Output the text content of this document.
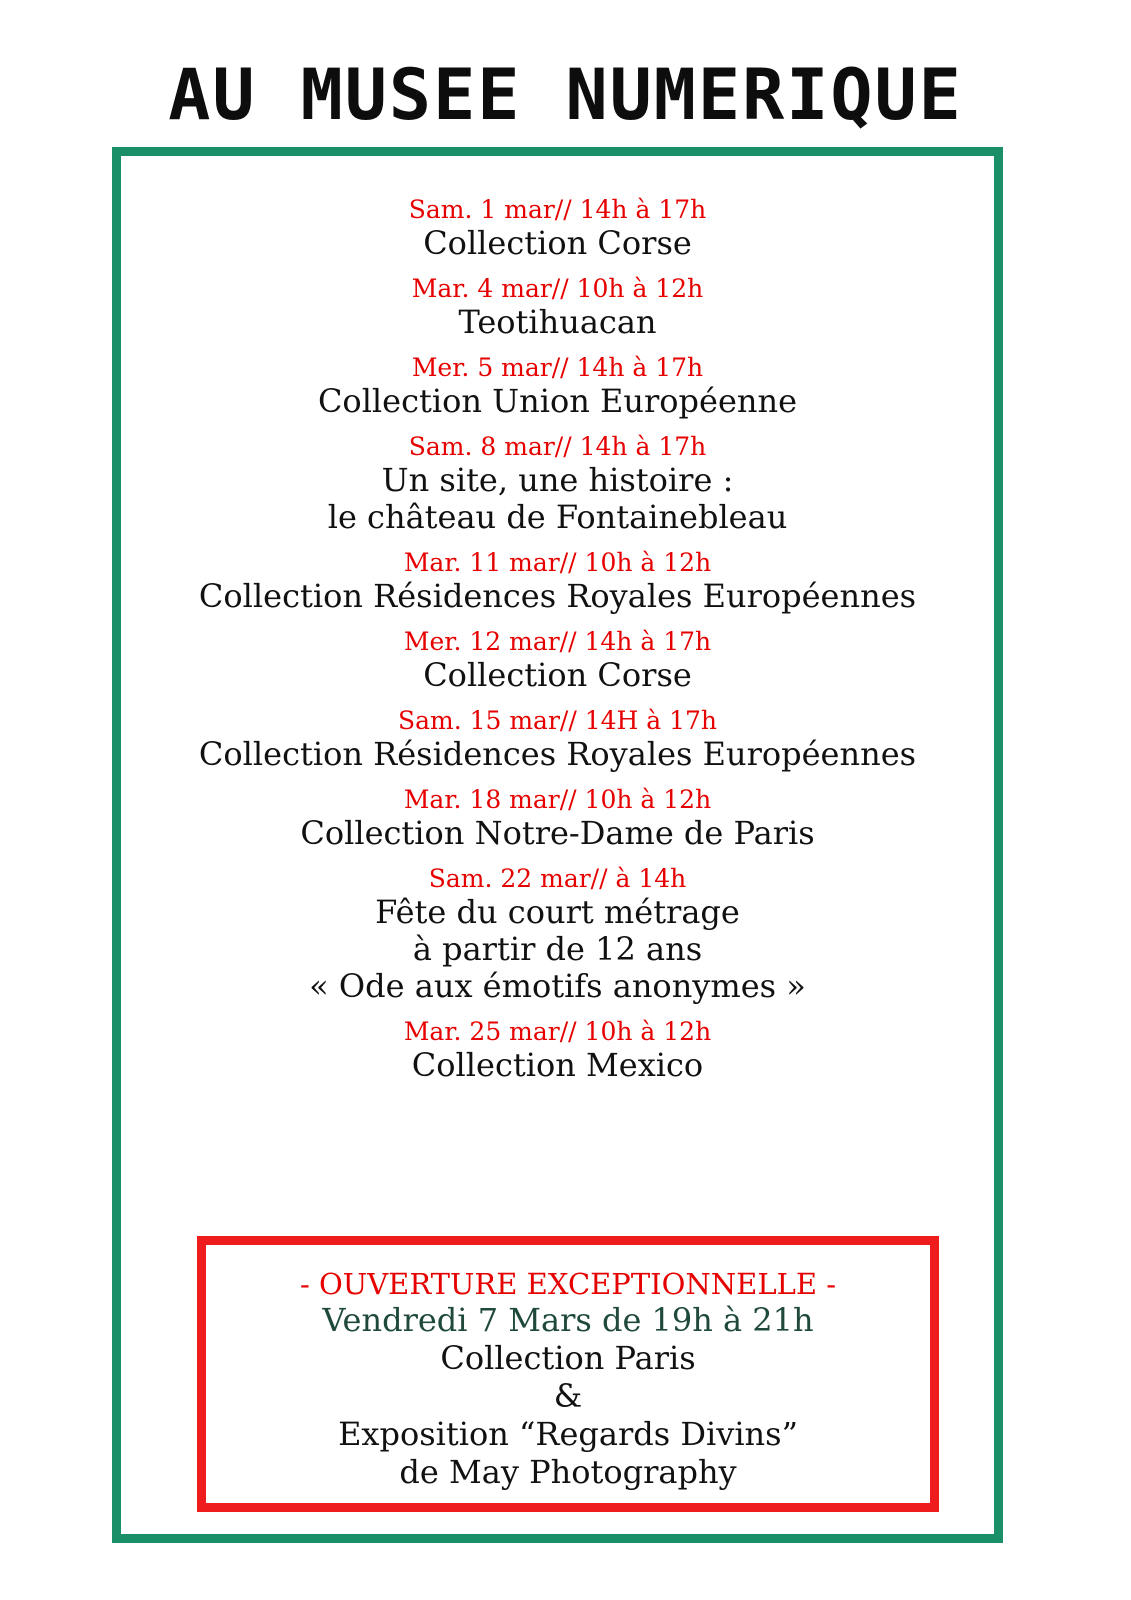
AU MUSEE NUMERIQUE
Sam. 1 mar// 14h à 17h
Collection Corse
Mar. 4 mar// 10h à 12h
Teotihuacan
Mer. 5 mar// 14h à 17h
Collection Union Européenne
Sam. 8 mar// 14h à 17h
Un site, une histoire :
le château de Fontainebleau
Mar. 11 mar// 10h à 12h
Collection Résidences Royales Européennes
Mer. 12 mar// 14h à 17h
Collection Corse
Sam. 15 mar// 14H à 17h
Collection Résidences Royales Européennes
Mar. 18 mar// 10h à 12h
Collection Notre-Dame de Paris
Sam. 22 mar// à 14h
Fête du court métrage
à partir de 12 ans
« Ode aux émotifs anonymes »
Mar. 25 mar// 10h à 12h
Collection Mexico
- OUVERTURE EXCEPTIONNELLE -
Vendredi 7 Mars de 19h à 21h
Collection Paris
&
Exposition “Regards Divins”
de May Photography
